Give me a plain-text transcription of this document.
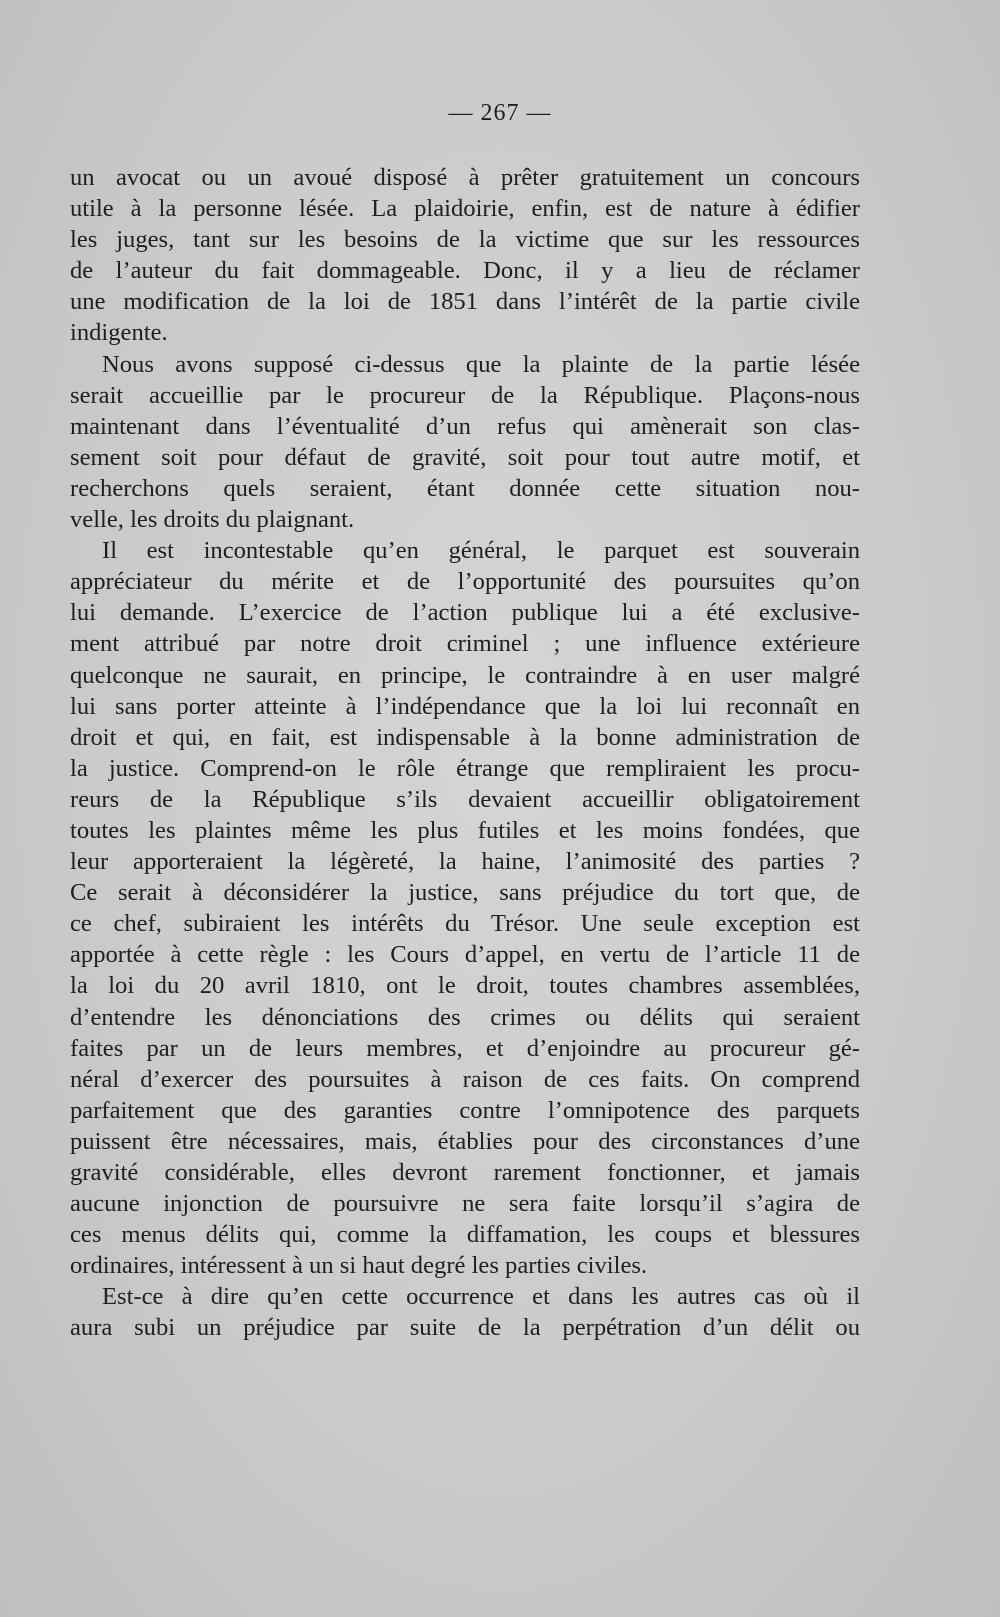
— 267 —
un avocat ou un avoué disposé à prêter gratuitement un concours
utile à la personne lésée. La plaidoirie, enfin, est de nature à édifier
les juges, tant sur les besoins de la victime que sur les ressources
de l’auteur du fait dommageable. Donc, il y a lieu de réclamer
une modification de la loi de 1851 dans l’intérêt de la partie civile
indigente.
Nous avons supposé ci-dessus que la plainte de la partie lésée
serait accueillie par le procureur de la République. Plaçons-nous
maintenant dans l’éventualité d’un refus qui amènerait son clas-
sement soit pour défaut de gravité, soit pour tout autre motif, et
recherchons quels seraient, étant donnée cette situation nou-
velle, les droits du plaignant.
Il est incontestable qu’en général, le parquet est souverain
appréciateur du mérite et de l’opportunité des poursuites qu’on
lui demande. L’exercice de l’action publique lui a été exclusive-
ment attribué par notre droit criminel ; une influence extérieure
quelconque ne saurait, en principe, le contraindre à en user malgré
lui sans porter atteinte à l’indépendance que la loi lui reconnaît en
droit et qui, en fait, est indispensable à la bonne administration de
la justice. Comprend-on le rôle étrange que rempliraient les procu-
reurs de la République s’ils devaient accueillir obligatoirement
toutes les plaintes même les plus futiles et les moins fondées, que
leur apporteraient la légèreté, la haine, l’animosité des parties ?
Ce serait à déconsidérer la justice, sans préjudice du tort que, de
ce chef, subiraient les intérêts du Trésor. Une seule exception est
apportée à cette règle : les Cours d’appel, en vertu de l’article 11 de
la loi du 20 avril 1810, ont le droit, toutes chambres assemblées,
d’entendre les dénonciations des crimes ou délits qui seraient
faites par un de leurs membres, et d’enjoindre au procureur gé-
néral d’exercer des poursuites à raison de ces faits. On comprend
parfaitement que des garanties contre l’omnipotence des parquets
puissent être nécessaires, mais, établies pour des circonstances d’une
gravité considérable, elles devront rarement fonctionner, et jamais
aucune injonction de poursuivre ne sera faite lorsqu’il s’agira de
ces menus délits qui, comme la diffamation, les coups et blessures
ordinaires, intéressent à un si haut degré les parties civiles.
Est-ce à dire qu’en cette occurrence et dans les autres cas où il
aura subi un préjudice par suite de la perpétration d’un délit ou
